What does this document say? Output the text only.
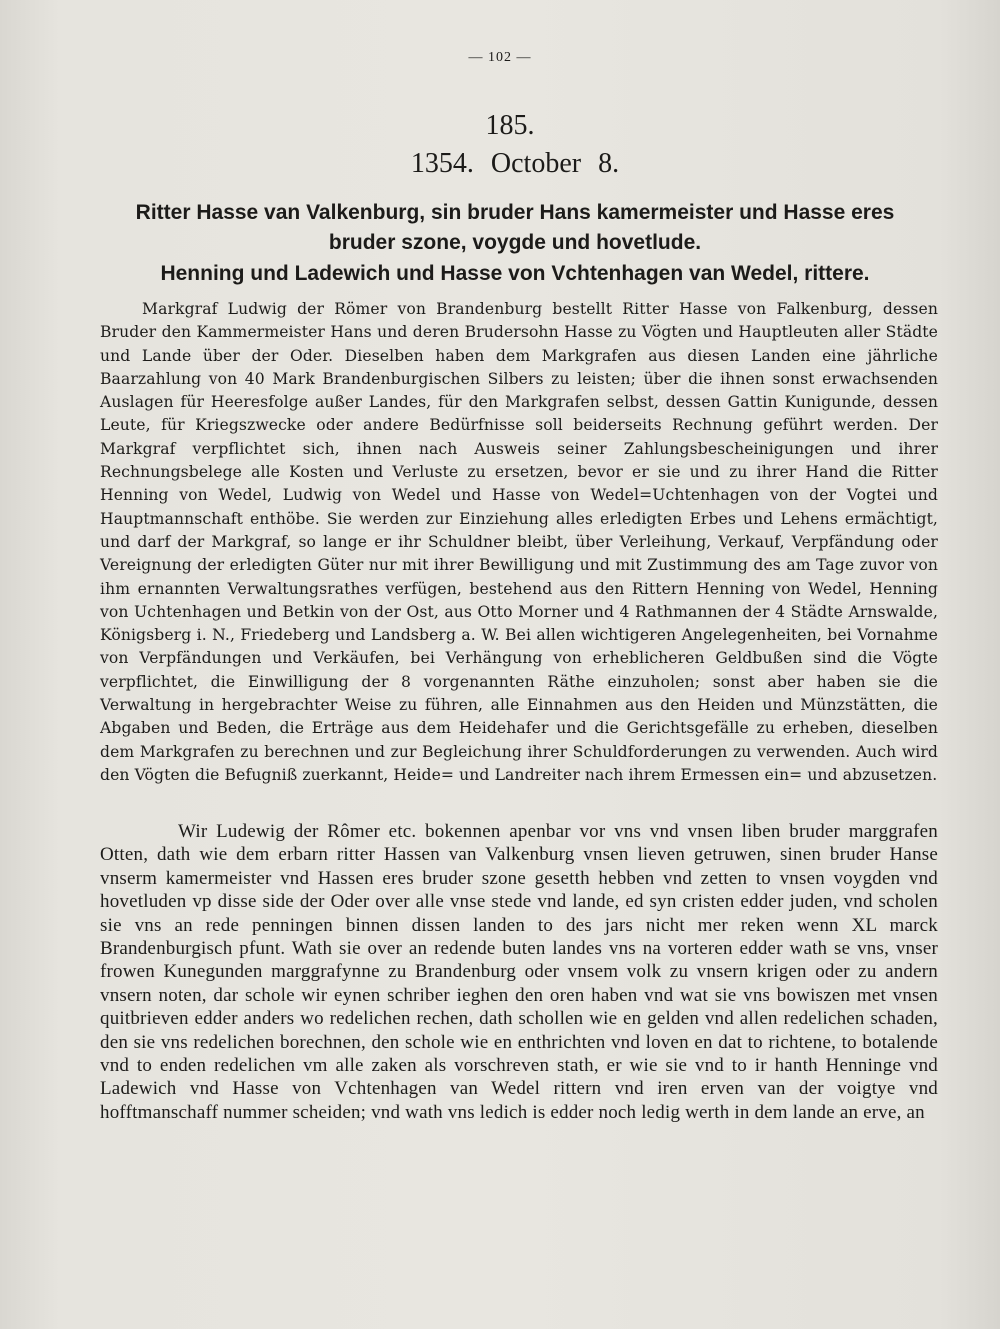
— 102 —
185.
1354. October 8.
Ritter Hasse van Valkenburg, sin bruder Hans kamermeister und Hasse eres bruder szone, voygde und hovetlude.
Henning und Ladewich und Hasse von Vchtenhagen van Wedel, rittere.
Markgraf Ludwig der Römer von Brandenburg bestellt Ritter Hasse von Falkenburg, dessen Bruder den Kammermeister Hans und deren Brudersohn Hasse zu Vögten und Hauptleuten aller Städte und Lande über der Oder. Dieselben haben dem Markgrafen aus diesen Landen eine jährliche Baarzahlung von 40 Mark Brandenburgischen Silbers zu leisten; über die ihnen sonst erwachsenden Auslagen für Heeresfolge außer Landes, für den Markgrafen selbst, dessen Gattin Kunigunde, dessen Leute, für Kriegszwecke oder andere Bedürfnisse soll beiderseits Rechnung geführt werden. Der Markgraf verpflichtet sich, ihnen nach Ausweis seiner Zahlungsbescheinigungen und ihrer Rechnungsbelege alle Kosten und Verluste zu ersetzen, bevor er sie und zu ihrer Hand die Ritter Henning von Wedel, Ludwig von Wedel und Hasse von Wedel=Uchtenhagen von der Vogtei und Hauptmannschaft enthöbe. Sie werden zur Einziehung alles erledigten Erbes und Lehens ermächtigt, und darf der Markgraf, so lange er ihr Schuldner bleibt, über Verleihung, Verkauf, Verpfändung oder Vereignung der erledigten Güter nur mit ihrer Bewilligung und mit Zustimmung des am Tage zuvor von ihm ernannten Verwaltungsrathes verfügen, bestehend aus den Rittern Henning von Wedel, Henning von Uchtenhagen und Betkin von der Ost, aus Otto Morner und 4 Rathmannen der 4 Städte Arnswalde, Königsberg i. N., Friedeberg und Landsberg a. W. Bei allen wichtigeren Angelegenheiten, bei Vornahme von Verpfändungen und Verkäufen, bei Verhängung von erheblicheren Geldbußen sind die Vögte verpflichtet, die Einwilligung der 8 vorgenannten Räthe einzuholen; sonst aber haben sie die Verwaltung in hergebrachter Weise zu führen, alle Einnahmen aus den Heiden und Münzstätten, die Abgaben und Beden, die Erträge aus dem Heidehafer und die Gerichtsgefälle zu erheben, dieselben dem Markgrafen zu berechnen und zur Begleichung ihrer Schuldforderungen zu verwenden. Auch wird den Vögten die Befugniß zuerkannt, Heide= und Landreiter nach ihrem Ermessen ein= und abzusetzen.
Wir Ludewig der Rômer etc. bokennen apenbar vor vns vnd vnsen liben bruder marggrafen Otten, dath wie dem erbarn ritter Hassen van Valkenburg vnsen lieven getruwen, sinen bruder Hanse vnserm kamermeister vnd Hassen eres bruder szone gesetth hebben vnd zetten to vnsen voygden vnd hovetluden vp disse side der Oder over alle vnse stede vnd lande, ed syn cristen edder juden, vnd scholen sie vns an rede penningen binnen dissen landen to des jars nicht mer reken wenn XL marck Brandenburgisch pfunt. Wath sie over an redende buten landes vns na vorteren edder wath se vns, vnser frowen Kunegunden marggrafynne zu Brandenburg oder vnsem volk zu vnsern krigen oder zu andern vnsern noten, dar schole wir eynen schriber ieghen den oren haben vnd wat sie vns bowiszen met vnsen quitbrieven edder anders wo redelichen rechen, dath schollen wie en gelden vnd allen redelichen schaden, den sie vns redelichen borechnen, den schole wie en enthrichten vnd loven en dat to richtene, to botalende vnd to enden redelichen vm alle zaken als vorschreven stath, er wie sie vnd to ir hanth Henninge vnd Ladewich vnd Hasse von Vchtenhagen van Wedel rittern vnd iren erven van der voigtye vnd hofftmanschaff nummer scheiden; vnd wath vns ledich is edder noch ledig werth in dem lande an erve, an
